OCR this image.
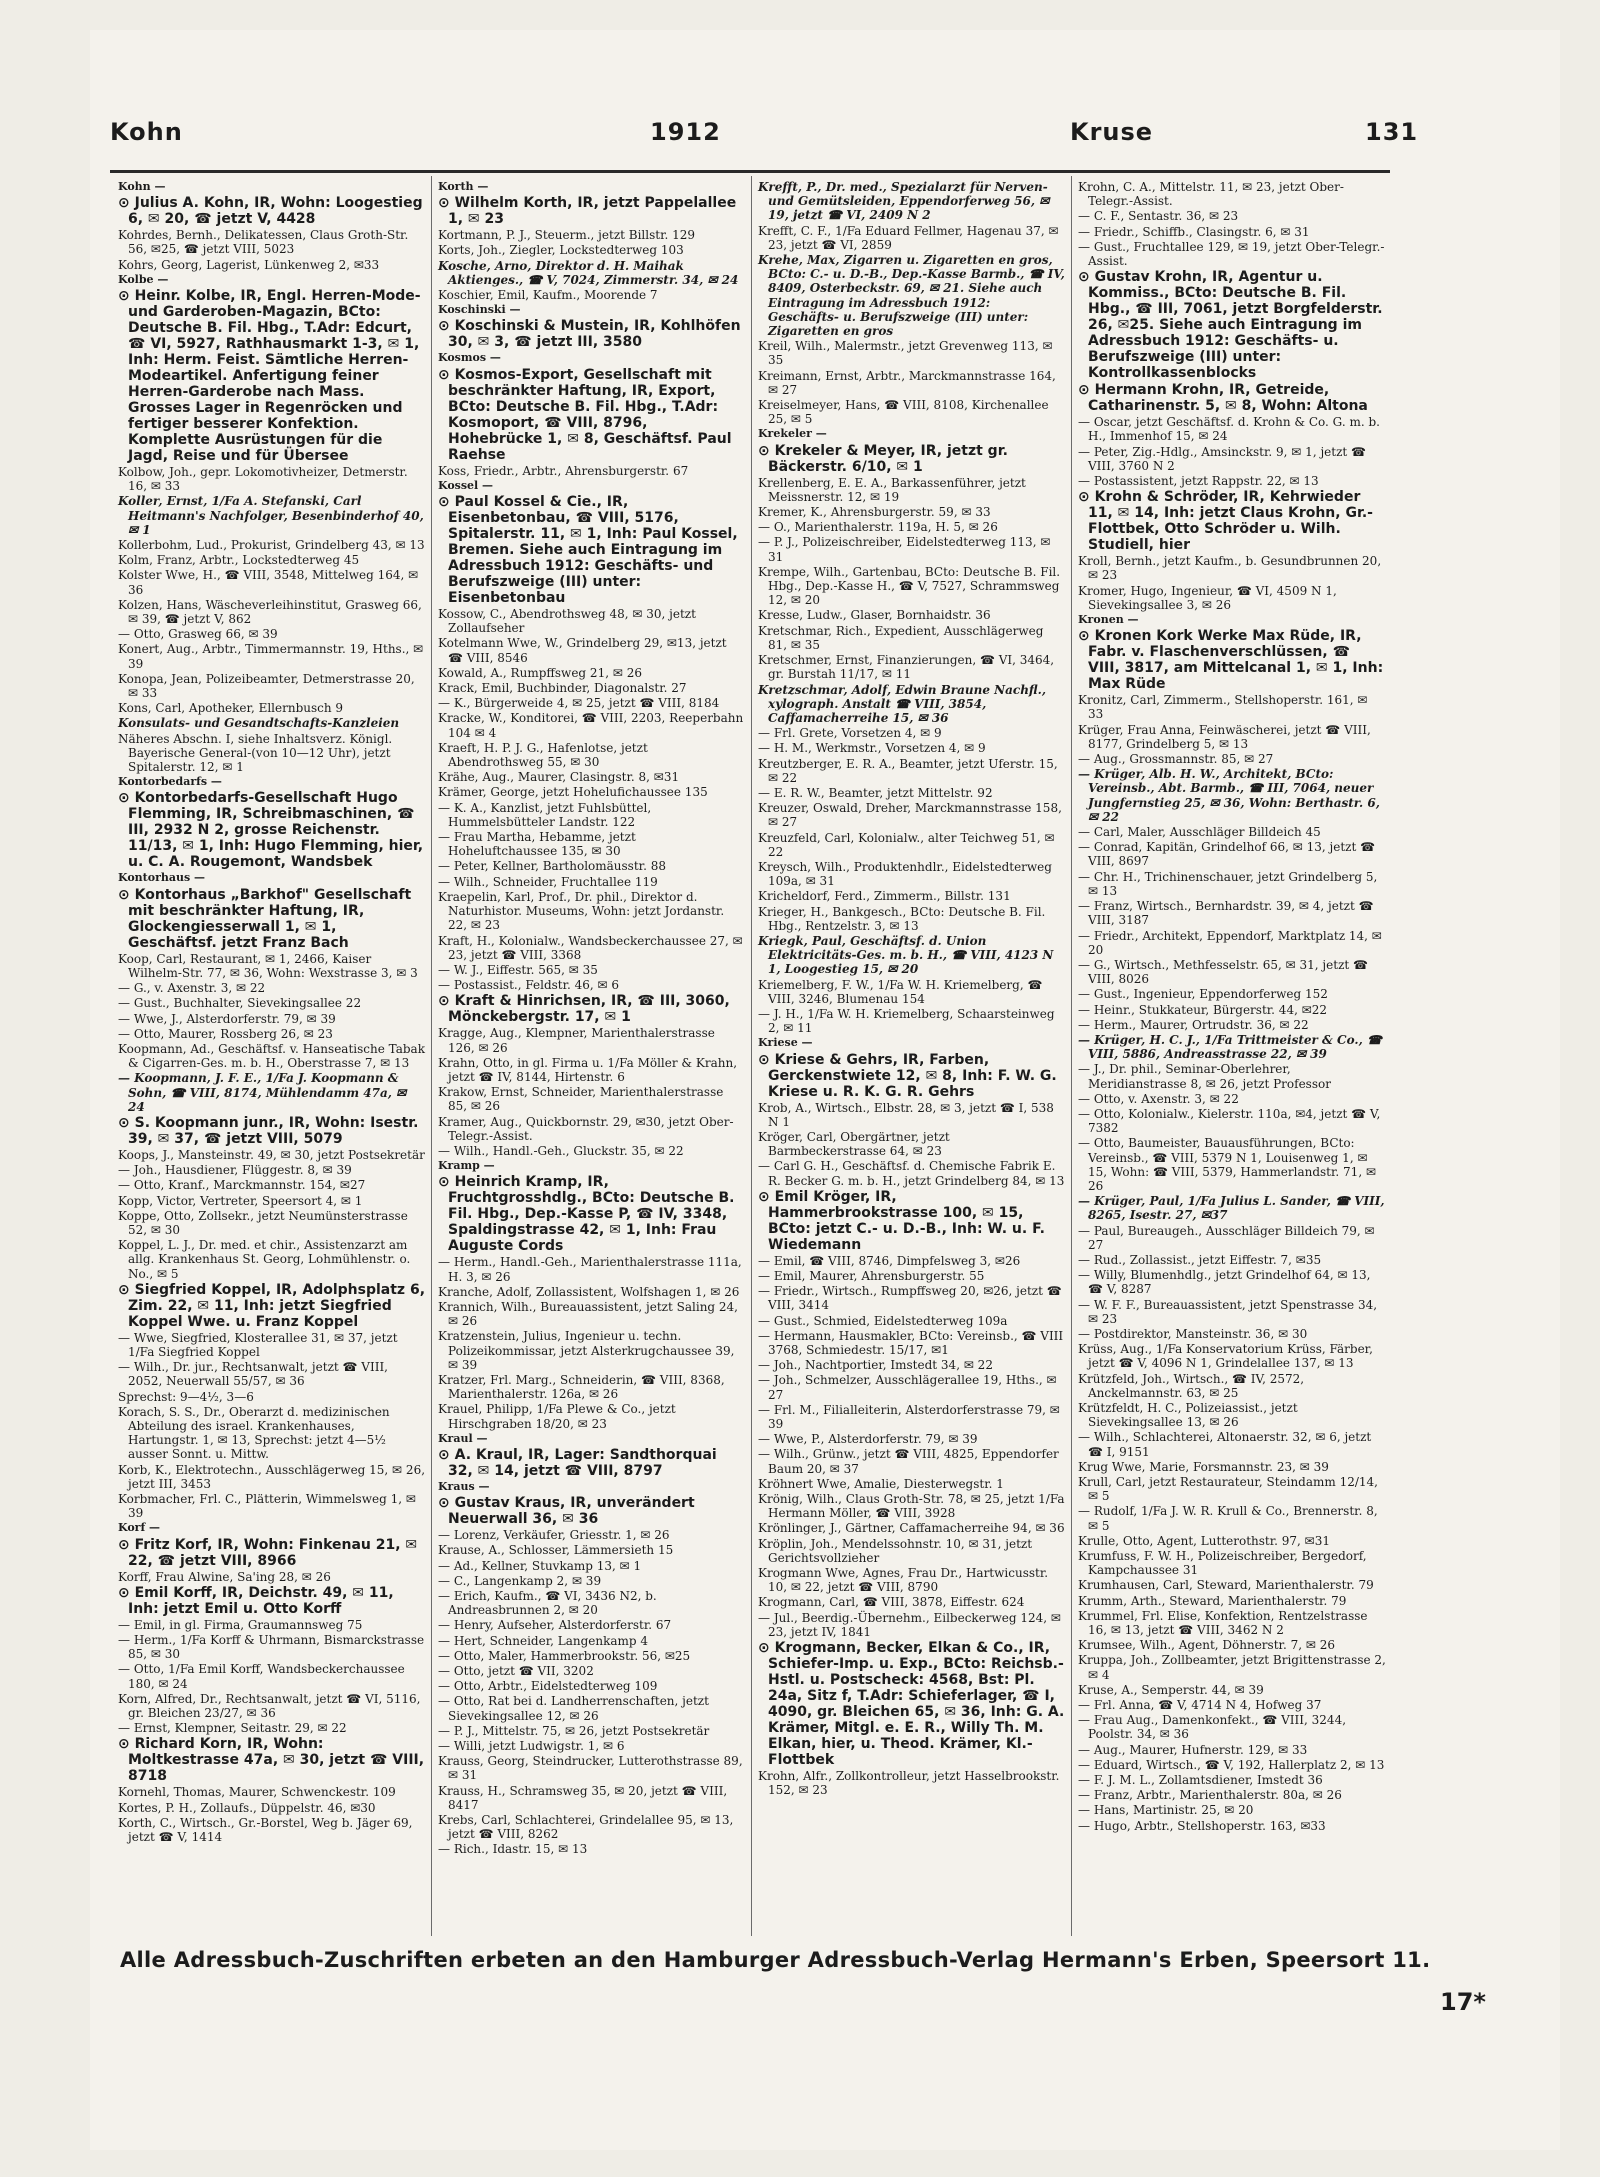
Kohn	1912	Kruse	131
Kohn —
⊙ Julius A. Kohn, IR, Wohn: Loogestieg 6, ✉ 20, ☎ jetzt V, 4428
Kohrdes, Bernh., Delikatessen, Claus Groth-Str. 56, ✉25, ☎ jetzt VIII, 5023
Kohrs, Georg, Lagerist, Lünkenweg 2, ✉33
Kolbe —
⊙ Heinr. Kolbe, IR, Engl. Herren-Mode- und Garderoben-Magazin, BCto: Deutsche B. Fil. Hbg., T.Adr: Edcurt, ☎ VI, 5927, Rathhausmarkt 1-3, ✉ 1, Inh: Herm. Feist. Sämtliche Herren-Modeartikel. Anfertigung feiner Herren-Garderobe nach Mass. Grosses Lager in Regenröcken und fertiger besserer Konfektion. Komplette Ausrüstungen für die Jagd, Reise und für Übersee
Kolbow, Joh., gepr. Lokomotivheizer, Detmerstr. 16, ✉ 33
Koller, Ernst, 1/Fa A. Stefanski, Carl Heitmann's Nachfolger, Besenbinderhof 40, ✉ 1
Kollerbohm, Lud., Prokurist, Grindelberg 43, ✉ 13
Kolm, Franz, Arbtr., Lockstedterweg 45
Kolster Wwe, H., ☎ VIII, 3548, Mittelweg 164, ✉ 36
Kolzen, Hans, Wäscheverleihinstitut, Grasweg 66, ✉ 39, ☎ jetzt V, 862
— Otto, Grasweg 66, ✉ 39
Konert, Aug., Arbtr., Timmermannstr. 19, Hths., ✉ 39
Konopa, Jean, Polizeibeamter, Detmerstrasse 20, ✉ 33
Kons, Carl, Apotheker, Ellernbusch 9
Konsulats- und Gesandtschafts-Kanzleien
Näheres Abschn. I, siehe Inhaltsverz. Königl. Bayerische General-(von 10—12 Uhr), jetzt Spitalerstr. 12, ✉ 1
Kontorbedarfs —
⊙ Kontorbedarfs-Gesellschaft Hugo Flemming, IR, Schreibmaschinen, ☎ III, 2932 N 2, grosse Reichenstr. 11/13, ✉ 1, Inh: Hugo Flemming, hier, u. C. A. Rougemont, Wandsbek
Kontorhaus —
⊙ Kontorhaus „Barkhof" Gesellschaft mit beschränkter Haftung, IR, Glockengiesserwall 1, ✉ 1, Geschäftsf. jetzt Franz Bach
Koop, Carl, Restaurant, ✉ 1, 2466, Kaiser Wilhelm-Str. 77, ✉ 36, Wohn: Wexstrasse 3, ✉ 3
— G., v. Axenstr. 3, ✉ 22
— Gust., Buchhalter, Sievekingsallee 22
— Wwe, J., Alsterdorferstr. 79, ✉ 39
— Otto, Maurer, Rossberg 26, ✉ 23
Koopmann, Ad., Geschäftsf. v. Hanseatische Tabak & Cigarren-Ges. m. b. H., Oberstrasse 7, ✉ 13
— Koopmann, J. F. E., 1/Fa J. Koopmann & Sohn, ☎ VIII, 8174, Mühlendamm 47a, ✉ 24
⊙ S. Koopmann junr., IR, Wohn: Isestr. 39, ✉ 37, ☎ jetzt VIII, 5079
Koops, J., Mansteinstr. 49, ✉ 30, jetzt Postsekretär
— Joh., Hausdiener, Flüggestr. 8, ✉ 39
— Otto, Kranf., Marckmannstr. 154, ✉27
Kopp, Victor, Vertreter, Speersort 4, ✉ 1
Koppe, Otto, Zollsekr., jetzt Neumünsterstrasse 52, ✉ 30
Koppel, L. J., Dr. med. et chir., Assistenzarzt am allg. Krankenhaus St. Georg, Lohmühlenstr. o. No., ✉ 5
⊙ Siegfried Koppel, IR, Adolphsplatz 6, Zim. 22, ✉ 11, Inh: jetzt Siegfried Koppel Wwe. u. Franz Koppel
— Wwe, Siegfried, Klosterallee 31, ✉ 37, jetzt 1/Fa Siegfried Koppel
— Wilh., Dr. jur., Rechtsanwalt, jetzt ☎ VIII, 2052, Neuerwall 55/57, ✉ 36
Sprechst: 9—4½, 3—6
Korach, S. S., Dr., Oberarzt d. medizinischen Abteilung des israel. Krankenhauses, Hartungstr. 1, ✉ 13, Sprechst: jetzt 4—5½ ausser Sonnt. u. Mittw.
Korb, K., Elektrotechn., Ausschlägerweg 15, ✉ 26, jetzt III, 3453
Korbmacher, Frl. C., Plätterin, Wimmelsweg 1, ✉ 39
Korf —
⊙ Fritz Korf, IR, Wohn: Finkenau 21, ✉ 22, ☎ jetzt VIII, 8966
Korff, Frau Alwine, Sa'ing 28, ✉ 26
⊙ Emil Korff, IR, Deichstr. 49, ✉ 11, Inh: jetzt Emil u. Otto Korff
— Emil, in gl. Firma, Graumannsweg 75
— Herm., 1/Fa Korff & Uhrmann, Bismarckstrasse 85, ✉ 30
— Otto, 1/Fa Emil Korff, Wandsbeckerchaussee 180, ✉ 24
Korn, Alfred, Dr., Rechtsanwalt, jetzt ☎ VI, 5116, gr. Bleichen 23/27, ✉ 36
— Ernst, Klempner, Seitastr. 29, ✉ 22
⊙ Richard Korn, IR, Wohn: Moltkestrasse 47a, ✉ 30, jetzt ☎ VIII, 8718
Kornehl, Thomas, Maurer, Schwenckestr. 109
Kortes, P. H., Zollaufs., Düppelstr. 46, ✉30
Korth, C., Wirtsch., Gr.-Borstel, Weg b. Jäger 69, jetzt ☎ V, 1414
Korth —
⊙ Wilhelm Korth, IR, jetzt Pappelallee 1, ✉ 23
Kortmann, P. J., Steuerm., jetzt Billstr. 129
Korts, Joh., Ziegler, Lockstedterweg 103
Kosche, Arno, Direktor d. H. Maihak Aktienges., ☎ V, 7024, Zimmerstr. 34, ✉ 24
Koschier, Emil, Kaufm., Moorende 7
Koschinski —
⊙ Koschinski & Mustein, IR, Kohlhöfen 30, ✉ 3, ☎ jetzt III, 3580
Kosmos —
⊙ Kosmos-Export, Gesellschaft mit beschränkter Haftung, IR, Export, BCto: Deutsche B. Fil. Hbg., T.Adr: Kosmoport, ☎ VIII, 8796, Hohebrücke 1, ✉ 8, Geschäftsf. Paul Raehse
Koss, Friedr., Arbtr., Ahrensburgerstr. 67
Kossel —
⊙ Paul Kossel & Cie., IR, Eisenbetonbau, ☎ VIII, 5176, Spitalerstr. 11, ✉ 1, Inh: Paul Kossel, Bremen. Siehe auch Eintragung im Adressbuch 1912: Geschäfts- und Berufszweige (III) unter: Eisenbetonbau
Kossow, C., Abendrothsweg 48, ✉ 30, jetzt Zollaufseher
Kotelmann Wwe, W., Grindelberg 29, ✉13, jetzt ☎ VIII, 8546
Kowald, A., Rumpffsweg 21, ✉ 26
Krack, Emil, Buchbinder, Diagonalstr. 27
— K., Bürgerweide 4, ✉ 25, jetzt ☎ VIII, 8184
Kracke, W., Konditorei, ☎ VIII, 2203, Reeperbahn 104 ✉ 4
Kraeft, H. P. J. G., Hafenlotse, jetzt Abendrothsweg 55, ✉ 30
Krähe, Aug., Maurer, Clasingstr. 8, ✉31
Krämer, George, jetzt Hohelufichaussee 135
— K. A., Kanzlist, jetzt Fuhlsbüttel, Hummelsbütteler Landstr. 122
— Frau Martha, Hebamme, jetzt Hoheluftchaussee 135, ✉ 30
— Peter, Kellner, Bartholomäusstr. 88
— Wilh., Schneider, Fruchtallee 119
Kraepelin, Karl, Prof., Dr. phil., Direktor d. Naturhistor. Museums, Wohn: jetzt Jordanstr. 22, ✉ 23
Kraft, H., Kolonialw., Wandsbeckerchaussee 27, ✉ 23, jetzt ☎ VIII, 3368
— W. J., Eiffestr. 565, ✉ 35
— Postassist., Feldstr. 46, ✉ 6
⊙ Kraft & Hinrichsen, IR, ☎ III, 3060, Mönckebergstr. 17, ✉ 1
Kragge, Aug., Klempner, Marienthalerstrasse 126, ✉ 26
Krahn, Otto, in gl. Firma u. 1/Fa Möller & Krahn, jetzt ☎ IV, 8144, Hirtenstr. 6
Krakow, Ernst, Schneider, Marienthalerstrasse 85, ✉ 26
Kramer, Aug., Quickbornstr. 29, ✉30, jetzt Ober-Telegr.-Assist.
— Wilh., Handl.-Geh., Gluckstr. 35, ✉ 22
Kramp —
⊙ Heinrich Kramp, IR, Fruchtgrosshdlg., BCto: Deutsche B. Fil. Hbg., Dep.-Kasse P, ☎ IV, 3348, Spaldingstrasse 42, ✉ 1, Inh: Frau Auguste Cords
— Herm., Handl.-Geh., Marienthalerstrasse 111a, H. 3, ✉ 26
Kranche, Adolf, Zollassistent, Wolfshagen 1, ✉ 26
Krannich, Wilh., Bureauassistent, jetzt Saling 24, ✉ 26
Kratzenstein, Julius, Ingenieur u. techn. Polizeikommissar, jetzt Alsterkrugchaussee 39, ✉ 39
Kratzer, Frl. Marg., Schneiderin, ☎ VIII, 8368, Marienthalerstr. 126a, ✉ 26
Krauel, Philipp, 1/Fa Plewe & Co., jetzt Hirschgraben 18/20, ✉ 23
Kraul —
⊙ A. Kraul, IR, Lager: Sandthorquai 32, ✉ 14, jetzt ☎ VIII, 8797
Kraus —
⊙ Gustav Kraus, IR, unverändert Neuerwall 36, ✉ 36
— Lorenz, Verkäufer, Griesstr. 1, ✉ 26
Krause, A., Schlosser, Lämmersieth 15
— Ad., Kellner, Stuvkamp 13, ✉ 1
— C., Langenkamp 2, ✉ 39
— Erich, Kaufm., ☎ VI, 3436 N2, b. Andreasbrunnen 2, ✉ 20
— Henry, Aufseher, Alsterdorferstr. 67
— Hert, Schneider, Langenkamp 4
— Otto, Maler, Hammerbrookstr. 56, ✉25
— Otto, jetzt ☎ VII, 3202
— Otto, Arbtr., Eidelstedterweg 109
— Otto, Rat bei d. Landherrenschaften, jetzt Sievekingsallee 12, ✉ 26
— P. J., Mittelstr. 75, ✉ 26, jetzt Postsekretär
— Willi, jetzt Ludwigstr. 1, ✉ 6
Krauss, Georg, Steindrucker, Lutterothstrasse 89, ✉ 31
Krauss, H., Schramsweg 35, ✉ 20, jetzt ☎ VIII, 8417
Krebs, Carl, Schlachterei, Grindelallee 95, ✉ 13, jetzt ☎ VIII, 8262
— Rich., Idastr. 15, ✉ 13
Krefft, P., Dr. med., Spezialarzt für Nerven- und Gemütsleiden, Eppendorferweg 56, ✉ 19, jetzt ☎ VI, 2409 N 2
Krefft, C. F., 1/Fa Eduard Fellmer, Hagenau 37, ✉ 23, jetzt ☎ VI, 2859
Krehe, Max, Zigarren u. Zigaretten en gros, BCto: C.- u. D.-B., Dep.-Kasse Barmb., ☎ IV, 8409, Osterbeckstr. 69, ✉ 21. Siehe auch Eintragung im Adressbuch 1912: Geschäfts- u. Berufszweige (III) unter: Zigaretten en gros
Kreil, Wilh., Malermstr., jetzt Grevenweg 113, ✉ 35
Kreimann, Ernst, Arbtr., Marckmannstrasse 164, ✉ 27
Kreiselmeyer, Hans, ☎ VIII, 8108, Kirchenallee 25, ✉ 5
Krekeler —
⊙ Krekeler & Meyer, IR, jetzt gr. Bäckerstr. 6/10, ✉ 1
Krellenberg, E. E. A., Barkassenführer, jetzt Meissnerstr. 12, ✉ 19
Kremer, K., Ahrensburgerstr. 59, ✉ 33
— O., Marienthalerstr. 119a, H. 5, ✉ 26
— P. J., Polizeischreiber, Eidelstedterweg 113, ✉ 31
Krempe, Wilh., Gartenbau, BCto: Deutsche B. Fil. Hbg., Dep.-Kasse H., ☎ V, 7527, Schrammsweg 12, ✉ 20
Kresse, Ludw., Glaser, Bornhaidstr. 36
Kretschmar, Rich., Expedient, Ausschlägerweg 81, ✉ 35
Kretschmer, Ernst, Finanzierungen, ☎ VI, 3464, gr. Burstah 11/17, ✉ 11
Kretzschmar, Adolf, Edwin Braune Nachfl., xylograph. Anstalt ☎ VIII, 3854, Caffamacherreihe 15, ✉ 36
— Frl. Grete, Vorsetzen 4, ✉ 9
— H. M., Werkmstr., Vorsetzen 4, ✉ 9
Kreutzberger, E. R. A., Beamter, jetzt Uferstr. 15, ✉ 22
— E. R. W., Beamter, jetzt Mittelstr. 92
Kreuzer, Oswald, Dreher, Marckmannstrasse 158, ✉ 27
Kreuzfeld, Carl, Kolonialw., alter Teichweg 51, ✉ 22
Kreysch, Wilh., Produktenhdlr., Eidelstedterweg 109a, ✉ 31
Kricheldorf, Ferd., Zimmerm., Billstr. 131
Krieger, H., Bankgesch., BCto: Deutsche B. Fil. Hbg., Rentzelstr. 3, ✉ 13
Kriegk, Paul, Geschäftsf. d. Union Elektricitäts-Ges. m. b. H., ☎ VIII, 4123 N 1, Loogestieg 15, ✉ 20
Kriemelberg, F. W., 1/Fa W. H. Kriemelberg, ☎ VIII, 3246, Blumenau 154
— J. H., 1/Fa W. H. Kriemelberg, Schaarsteinweg 2, ✉ 11
Kriese —
⊙ Kriese & Gehrs, IR, Farben, Gerckenstwiete 12, ✉ 8, Inh: F. W. G. Kriese u. R. K. G. R. Gehrs
Krob, A., Wirtsch., Elbstr. 28, ✉ 3, jetzt ☎ I, 538 N 1
Kröger, Carl, Obergärtner, jetzt Barmbeckerstrasse 64, ✉ 23
— Carl G. H., Geschäftsf. d. Chemische Fabrik E. R. Becker G. m. b. H., jetzt Grindelberg 84, ✉ 13
⊙ Emil Kröger, IR, Hammerbrookstrasse 100, ✉ 15, BCto: jetzt C.- u. D.-B., Inh: W. u. F. Wiedemann
— Emil, ☎ VIII, 8746, Dimpfelsweg 3, ✉26
— Emil, Maurer, Ahrensburgerstr. 55
— Friedr., Wirtsch., Rumpffsweg 20, ✉26, jetzt ☎ VIII, 3414
— Gust., Schmied, Eidelstedterweg 109a
— Hermann, Hausmakler, BCto: Vereinsb., ☎ VIII 3768, Schmiedestr. 15/17, ✉1
— Joh., Nachtportier, Imstedt 34, ✉ 22
— Joh., Schmelzer, Ausschlägerallee 19, Hths., ✉ 27
— Frl. M., Filialleiterin, Alsterdorferstrasse 79, ✉ 39
— Wwe, P., Alsterdorferstr. 79, ✉ 39
— Wilh., Grünw., jetzt ☎ VIII, 4825, Eppendorfer Baum 20, ✉ 37
Kröhnert Wwe, Amalie, Diesterwegstr. 1
Krönig, Wilh., Claus Groth-Str. 78, ✉ 25, jetzt 1/Fa Hermann Möller, ☎ VIII, 3928
Krönlinger, J., Gärtner, Caffamacherreihe 94, ✉ 36
Kröplin, Joh., Mendelssohnstr. 10, ✉ 31, jetzt Gerichtsvollzieher
Krogmann Wwe, Agnes, Frau Dr., Hartwicusstr. 10, ✉ 22, jetzt ☎ VIII, 8790
Krogmann, Carl, ☎ VIII, 3878, Eiffestr. 624
— Jul., Beerdig.-Übernehm., Eilbeckerweg 124, ✉ 23, jetzt IV, 1841
⊙ Krogmann, Becker, Elkan & Co., IR, Schiefer-Imp. u. Exp., BCto: Reichsb.-Hstl. u. Postscheck: 4568, Bst: Pl. 24a, Sitz f, T.Adr: Schieferlager, ☎ I, 4090, gr. Bleichen 65, ✉ 36, Inh: G. A. Krämer, Mitgl. e. E. R., Willy Th. M. Elkan, hier, u. Theod. Krämer, Kl.-Flottbek
Krohn, Alfr., Zollkontrolleur, jetzt Hasselbrookstr. 152, ✉ 23
Krohn, C. A., Mittelstr. 11, ✉ 23, jetzt Ober-Telegr.-Assist.
— C. F., Sentastr. 36, ✉ 23
— Friedr., Schiffb., Clasingstr. 6, ✉ 31
— Gust., Fruchtallee 129, ✉ 19, jetzt Ober-Telegr.-Assist.
⊙ Gustav Krohn, IR, Agentur u. Kommiss., BCto: Deutsche B. Fil. Hbg., ☎ III, 7061, jetzt Borgfelderstr. 26, ✉25. Siehe auch Eintragung im Adressbuch 1912: Geschäfts- u. Berufszweige (III) unter: Kontrollkassenblocks
⊙ Hermann Krohn, IR, Getreide, Catharinenstr. 5, ✉ 8, Wohn: Altona
— Oscar, jetzt Geschäftsf. d. Krohn & Co. G. m. b. H., Immenhof 15, ✉ 24
— Peter, Zig.-Hdlg., Amsinckstr. 9, ✉ 1, jetzt ☎ VIII, 3760 N 2
— Postassistent, jetzt Rappstr. 22, ✉ 13
⊙ Krohn & Schröder, IR, Kehrwieder 11, ✉ 14, Inh: jetzt Claus Krohn, Gr.-Flottbek, Otto Schröder u. Wilh. Studiell, hier
Kroll, Bernh., jetzt Kaufm., b. Gesundbrunnen 20, ✉ 23
Kromer, Hugo, Ingenieur, ☎ VI, 4509 N 1, Sievekingsallee 3, ✉ 26
Kronen —
⊙ Kronen Kork Werke Max Rüde, IR, Fabr. v. Flaschenverschlüssen, ☎ VIII, 3817, am Mittelcanal 1, ✉ 1, Inh: Max Rüde
Kronitz, Carl, Zimmerm., Stellshoperstr. 161, ✉ 33
Krüger, Frau Anna, Feinwäscherei, jetzt ☎ VIII, 8177, Grindelberg 5, ✉ 13
— Aug., Grossmannstr. 85, ✉ 27
— Krüger, Alb. H. W., Architekt, BCto: Vereinsb., Abt. Barmb., ☎ III, 7064, neuer Jungfernstieg 25, ✉ 36, Wohn: Berthastr. 6, ✉ 22
— Carl, Maler, Ausschläger Billdeich 45
— Conrad, Kapitän, Grindelhof 66, ✉ 13, jetzt ☎ VIII, 8697
— Chr. H., Trichinenschauer, jetzt Grindelberg 5, ✉ 13
— Franz, Wirtsch., Bernhardstr. 39, ✉ 4, jetzt ☎ VIII, 3187
— Friedr., Architekt, Eppendorf, Marktplatz 14, ✉ 20
— G., Wirtsch., Methfesselstr. 65, ✉ 31, jetzt ☎ VIII, 8026
— Gust., Ingenieur, Eppendorferweg 152
— Heinr., Stukkateur, Bürgerstr. 44, ✉22
— Herm., Maurer, Ortrudstr. 36, ✉ 22
— Krüger, H. C. J., 1/Fa Trittmeister & Co., ☎ VIII, 5886, Andreasstrasse 22, ✉ 39
— J., Dr. phil., Seminar-Oberlehrer, Meridianstrasse 8, ✉ 26, jetzt Professor
— Otto, v. Axenstr. 3, ✉ 22
— Otto, Kolonialw., Kielerstr. 110a, ✉4, jetzt ☎ V, 7382
— Otto, Baumeister, Bauausführungen, BCto: Vereinsb., ☎ VIII, 5379 N 1, Louisenweg 1, ✉ 15, Wohn: ☎ VIII, 5379, Hammerlandstr. 71, ✉ 26
— Krüger, Paul, 1/Fa Julius L. Sander, ☎ VIII, 8265, Isestr. 27, ✉37
— Paul, Bureaugeh., Ausschläger Billdeich 79, ✉ 27
— Rud., Zollassist., jetzt Eiffestr. 7, ✉35
— Willy, Blumenhdlg., jetzt Grindelhof 64, ✉ 13, ☎ V, 8287
— W. F. F., Bureauassistent, jetzt Spenstrasse 34, ✉ 23
— Postdirektor, Mansteinstr. 36, ✉ 30
Krüss, Aug., 1/Fa Konservatorium Krüss, Färber, jetzt ☎ V, 4096 N 1, Grindelallee 137, ✉ 13
Krützfeld, Joh., Wirtsch., ☎ IV, 2572, Anckelmannstr. 63, ✉ 25
Krützfeldt, H. C., Polizeiassist., jetzt Sievekingsallee 13, ✉ 26
— Wilh., Schlachterei, Altonaerstr. 32, ✉ 6, jetzt ☎ I, 9151
Krug Wwe, Marie, Forsmannstr. 23, ✉ 39
Krull, Carl, jetzt Restaurateur, Steindamm 12/14, ✉ 5
— Rudolf, 1/Fa J. W. R. Krull & Co., Brennerstr. 8, ✉ 5
Krulle, Otto, Agent, Lutterothstr. 97, ✉31
Krumfuss, F. W. H., Polizeischreiber, Bergedorf, Kampchaussee 31
Krumhausen, Carl, Steward, Marienthalerstr. 79
Krumm, Arth., Steward, Marienthalerstr. 79
Krummel, Frl. Elise, Konfektion, Rentzelstrasse 16, ✉ 13, jetzt ☎ VIII, 3462 N 2
Krumsee, Wilh., Agent, Döhnerstr. 7, ✉ 26
Kruppa, Joh., Zollbeamter, jetzt Brigittenstrasse 2, ✉ 4
Kruse, A., Semperstr. 44, ✉ 39
— Frl. Anna, ☎ V, 4714 N 4, Hofweg 37
— Frau Aug., Damenkonfekt., ☎ VIII, 3244, Poolstr. 34, ✉ 36
— Aug., Maurer, Hufnerstr. 129, ✉ 33
— Eduard, Wirtsch., ☎ V, 192, Hallerplatz 2, ✉ 13
— F. J. M. L., Zollamtsdiener, Imstedt 36
— Franz, Arbtr., Marienthalerstr. 80a, ✉ 26
— Hans, Martinistr. 25, ✉ 20
— Hugo, Arbtr., Stellshoperstr. 163, ✉33
Alle Adressbuch-Zuschriften erbeten an den Hamburger Adressbuch-Verlag Hermann's Erben, Speersort 11.
17*
